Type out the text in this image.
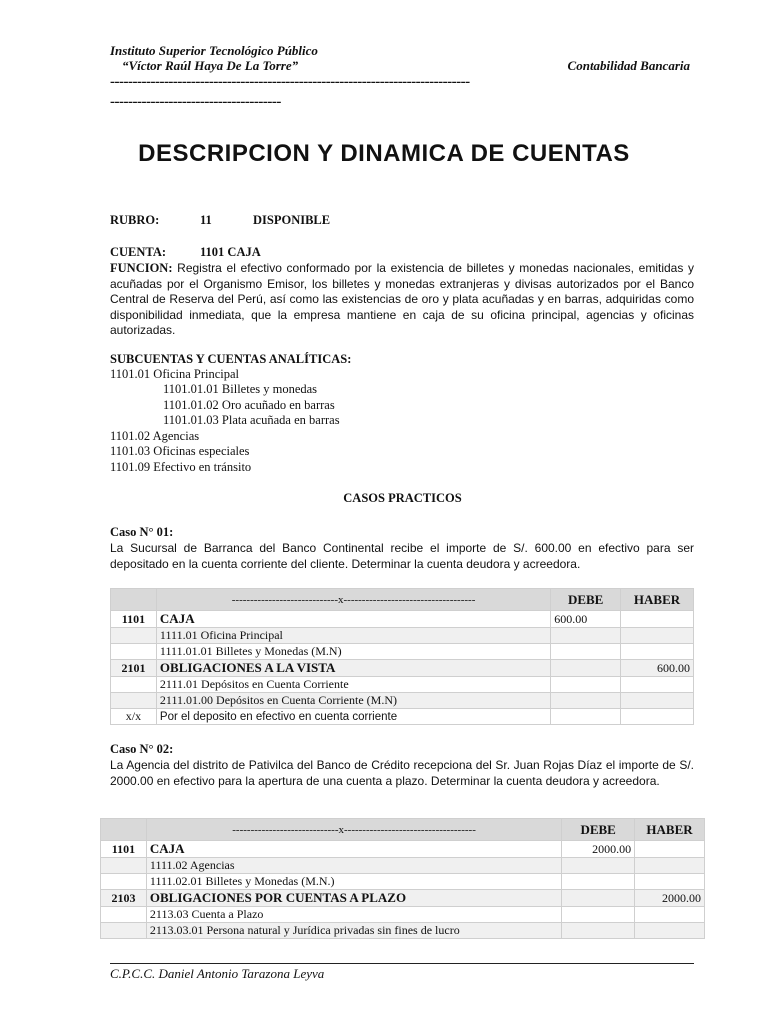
Instituto Superior Tecnológico Público
“Víctor Raúl Haya De La Torre”	Contabilidad Bancaria
--------------------------------------------------------------------------------
--------------------------------------
DESCRIPCION Y DINAMICA DE CUENTAS
RUBRO:	11	DISPONIBLE
CUENTA:	1101 CAJA
FUNCION: Registra el efectivo conformado por la existencia de billetes y monedas nacionales, emitidas y acuñadas por el Organismo Emisor, los billetes y monedas extranjeras y divisas autorizados por el Banco Central de Reserva del Perú, así como las existencias de oro y plata acuñadas y en barras, adquiridas como disponibilidad inmediata, que la empresa mantiene en caja de su oficina principal, agencias y oficinas autorizadas.
SUBCUENTAS Y CUENTAS ANALÍTICAS:
1101.01 Oficina Principal
1101.01.01 Billetes y monedas
1101.01.02 Oro acuñado en barras
1101.01.03 Plata acuñada en barras
1101.02 Agencias
1101.03 Oficinas especiales
1101.09 Efectivo en tránsito
CASOS PRACTICOS
Caso N° 01:
La Sucursal de Barranca del Banco Continental recibe el importe de S/. 600.00 en efectivo para ser depositado en la cuenta corriente del cliente. Determinar la cuenta deudora y acreedora.
	-----------------------------x------------------------------------	DEBE	HABER
1101	CAJA	600.00	
	1111.01 Oficina Principal		
	1111.01.01 Billetes y Monedas (M.N)		
2101	OBLIGACIONES A LA VISTA		600.00
	2111.01 Depósitos en Cuenta Corriente		
	2111.01.00 Depósitos en Cuenta Corriente (M.N)		
x/x	Por el deposito en efectivo en cuenta corriente		
Caso N° 02:
La Agencia del distrito de Pativilca del Banco de Crédito recepciona del Sr. Juan Rojas Díaz el importe de S/. 2000.00 en efectivo para la apertura de una cuenta a plazo. Determinar la cuenta deudora y acreedora.
	-----------------------------x------------------------------------	DEBE	HABER
1101	CAJA	2000.00	
	1111.02 Agencias		
	1111.02.01 Billetes y Monedas (M.N.)		
2103	OBLIGACIONES POR CUENTAS A PLAZO		2000.00
	2113.03 Cuenta a Plazo		
	2113.03.01 Persona natural y Jurídica privadas sin fines de lucro		
C.P.C.C. Daniel Antonio Tarazona Leyva
